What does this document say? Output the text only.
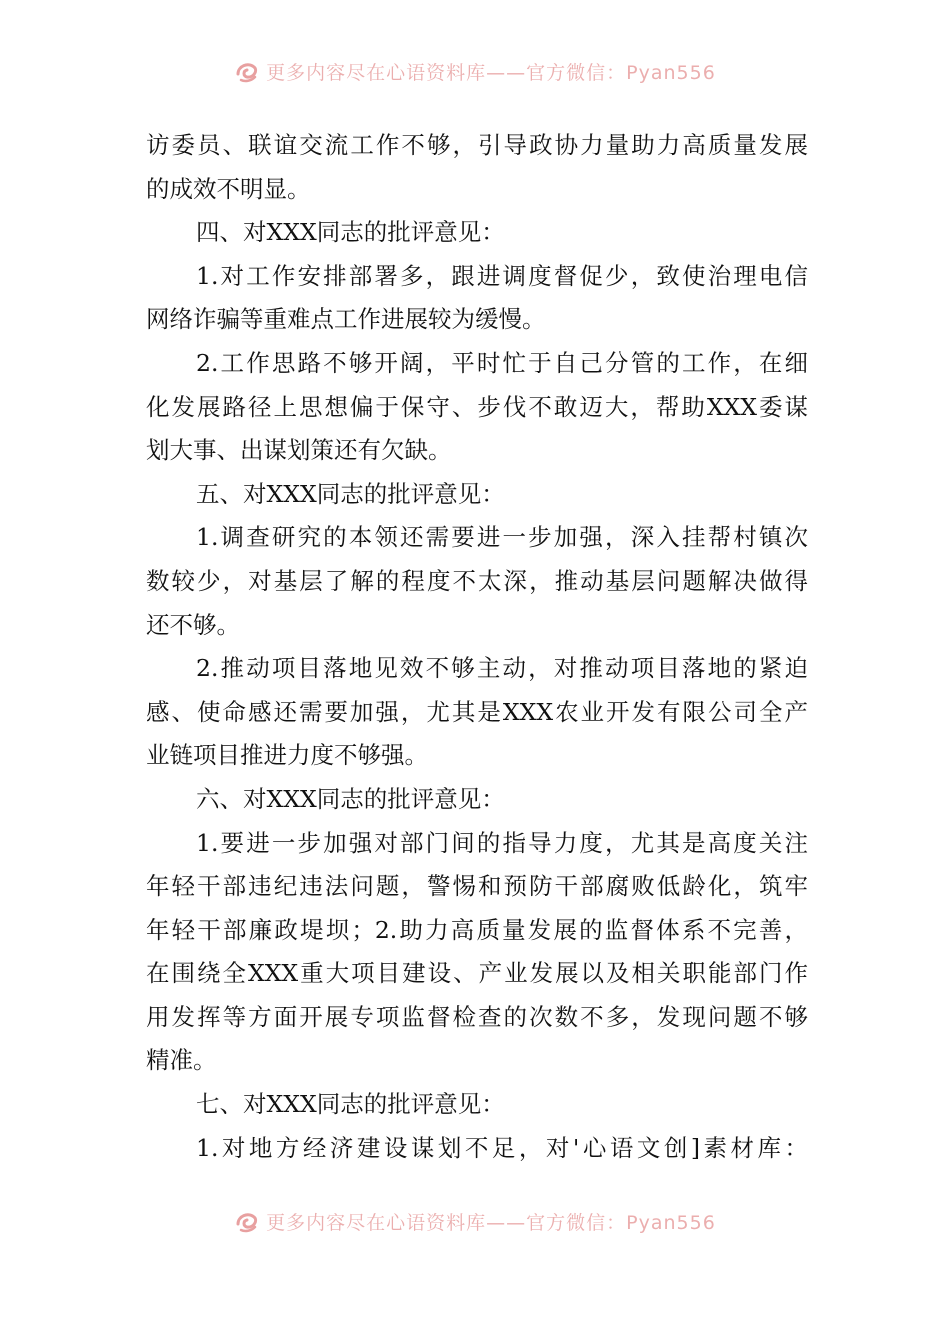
更多内容尽在心语资料库——官方微信：Pyan556
访委员、联谊交流工作不够，引导政协力量助力高质量发展
的成效不明显。
四、对XXX同志的批评意见：
1.对工作安排部署多，跟进调度督促少，致使治理电信
网络诈骗等重难点工作进展较为缓慢。
2.工作思路不够开阔，平时忙于自己分管的工作，在细
化发展路径上思想偏于保守、步伐不敢迈大，帮助XXX委谋
划大事、出谋划策还有欠缺。
五、对XXX同志的批评意见：
1.调查研究的本领还需要进一步加强，深入挂帮村镇次
数较少，对基层了解的程度不太深，推动基层问题解决做得
还不够。
2.推动项目落地见效不够主动，对推动项目落地的紧迫
感、使命感还需要加强，尤其是XXX农业开发有限公司全产
业链项目推进力度不够强。
六、对XXX同志的批评意见：
1.要进一步加强对部门间的指导力度，尤其是高度关注
年轻干部违纪违法问题，警惕和预防干部腐败低龄化，筑牢
年轻干部廉政堤坝；2.助力高质量发展的监督体系不完善，
在围绕全XXX重大项目建设、产业发展以及相关职能部门作
用发挥等方面开展专项监督检查的次数不多，发现问题不够
精准。
七、对XXX同志的批评意见：
1.对地方经济建设谋划不足，对'心语文创]素材库：
更多内容尽在心语资料库——官方微信：Pyan556
